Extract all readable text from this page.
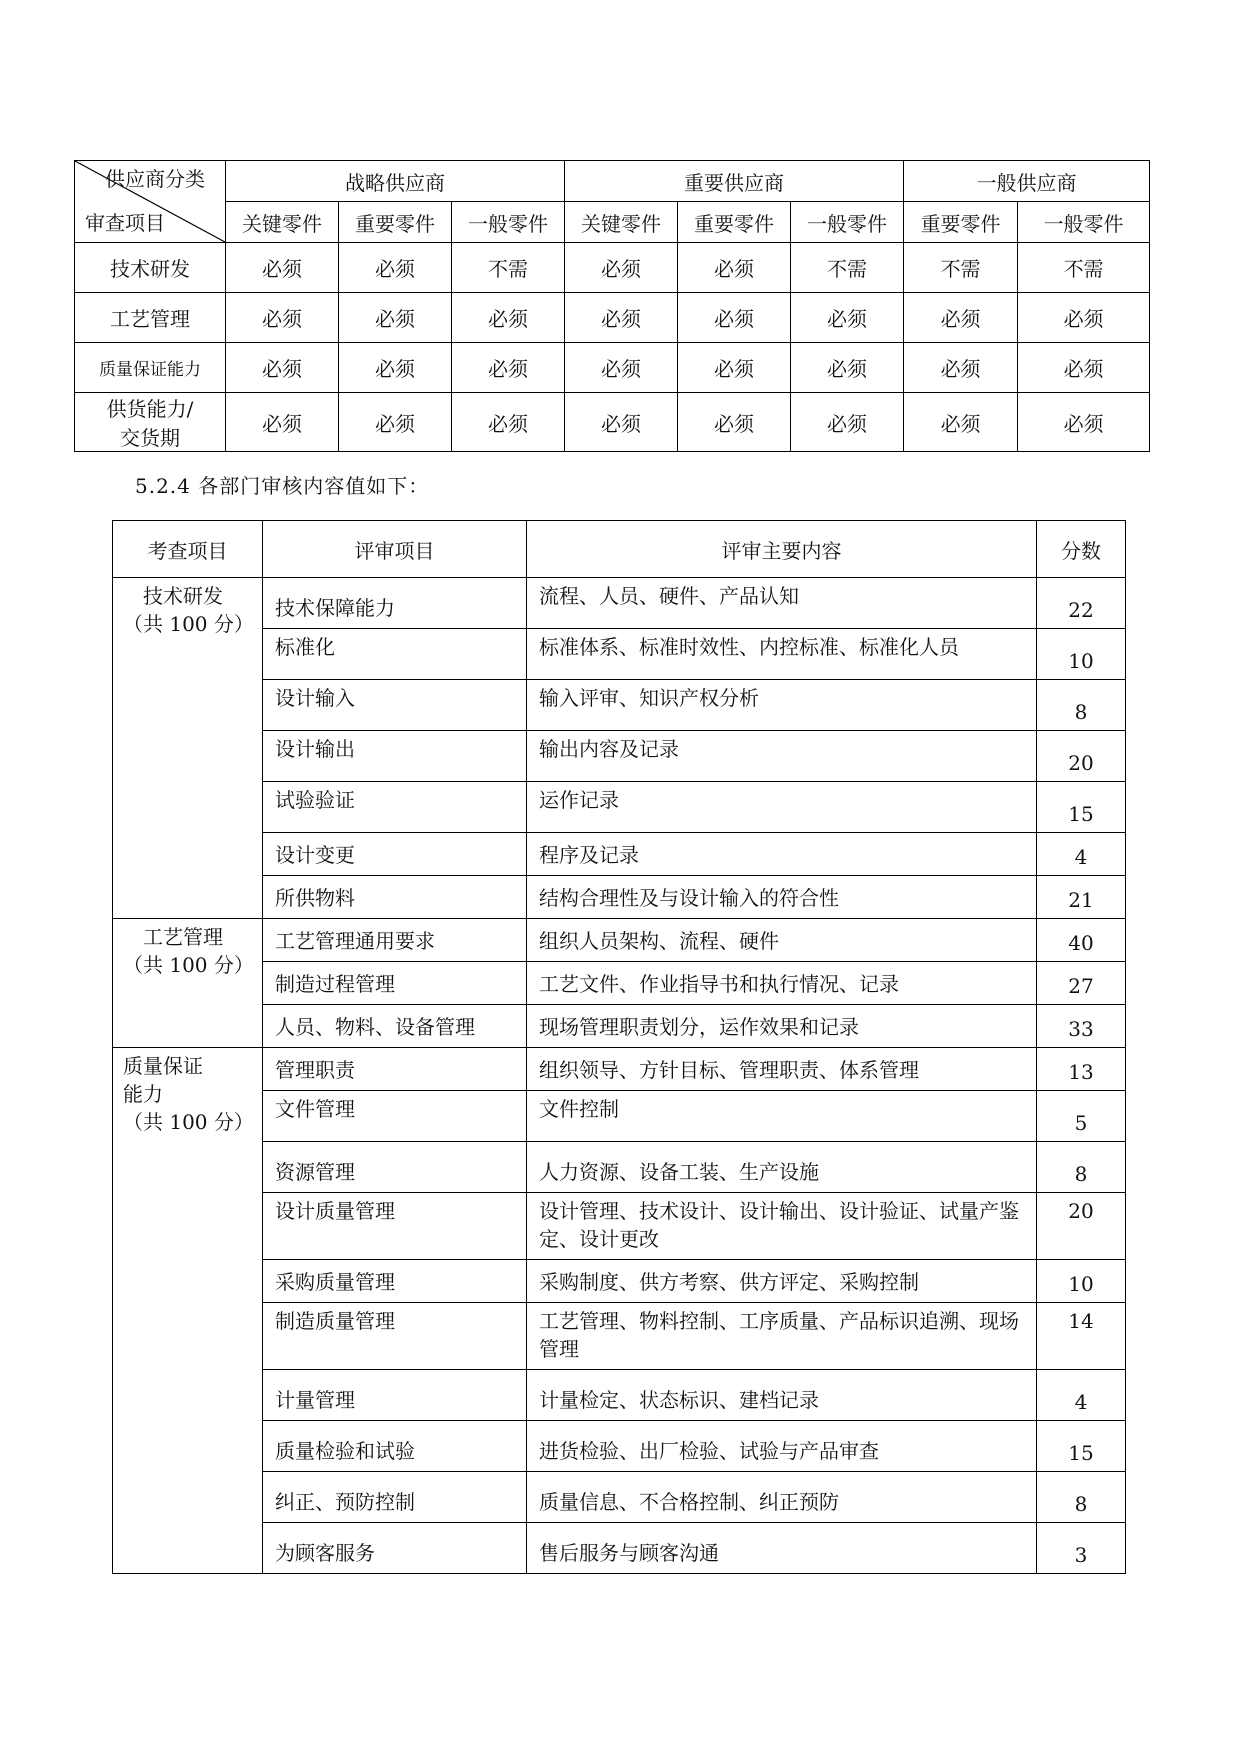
供应商分类
审查项目	战略供应商			重要供应商			一般供应商	
	关键零件	重要零件	一般零件	关键零件	重要零件	一般零件	重要零件	一般零件
技术研发	必须	必须	不需	必须	必须	不需	不需	不需
工艺管理	必须	必须	必须	必须	必须	必须	必须	必须
质量保证能力	必须	必须	必须	必须	必须	必须	必须	必须
供货能力/
交货期	必须	必须	必须	必须	必须	必须	必须	必须
5.2.4 各部门审核内容值如下：
考查项目	评审项目	评审主要内容	分数

技术研发
（共 100 分）	技术保障能力	流程、人员、硬件、产品认知	22
	标准化	标准体系、标准时效性、内控标准、标准化人员	10
	设计输入	输入评审、知识产权分析	8
	设计输出	输出内容及记录	20
	试验验证	运作记录	15
	设计变更	程序及记录	4
	所供物料	结构合理性及与设计输入的符合性	21

工艺管理
（共 100 分）	工艺管理通用要求	组织人员架构、流程、硬件	40
	制造过程管理	工艺文件、作业指导书和执行情况、记录	27
	人员、物料、设备管理	现场管理职责划分，运作效果和记录	33

质量保证
能力
（共 100 分）	管理职责	组织领导、方针目标、管理职责、体系管理	13
	文件管理	文件控制	5
	资源管理	人力资源、设备工装、生产设施	8
	设计质量管理	设计管理、技术设计、设计输出、设计验证、试量产鉴定、设计更改	20
	采购质量管理	采购制度、供方考察、供方评定、采购控制	10
	制造质量管理	工艺管理、物料控制、工序质量、产品标识追溯、现场管理	14
	计量管理	计量检定、状态标识、建档记录	4
	质量检验和试验	进货检验、出厂检验、试验与产品审查	15
	纠正、预防控制	质量信息、不合格控制、纠正预防	8
	为顾客服务	售后服务与顾客沟通	3
